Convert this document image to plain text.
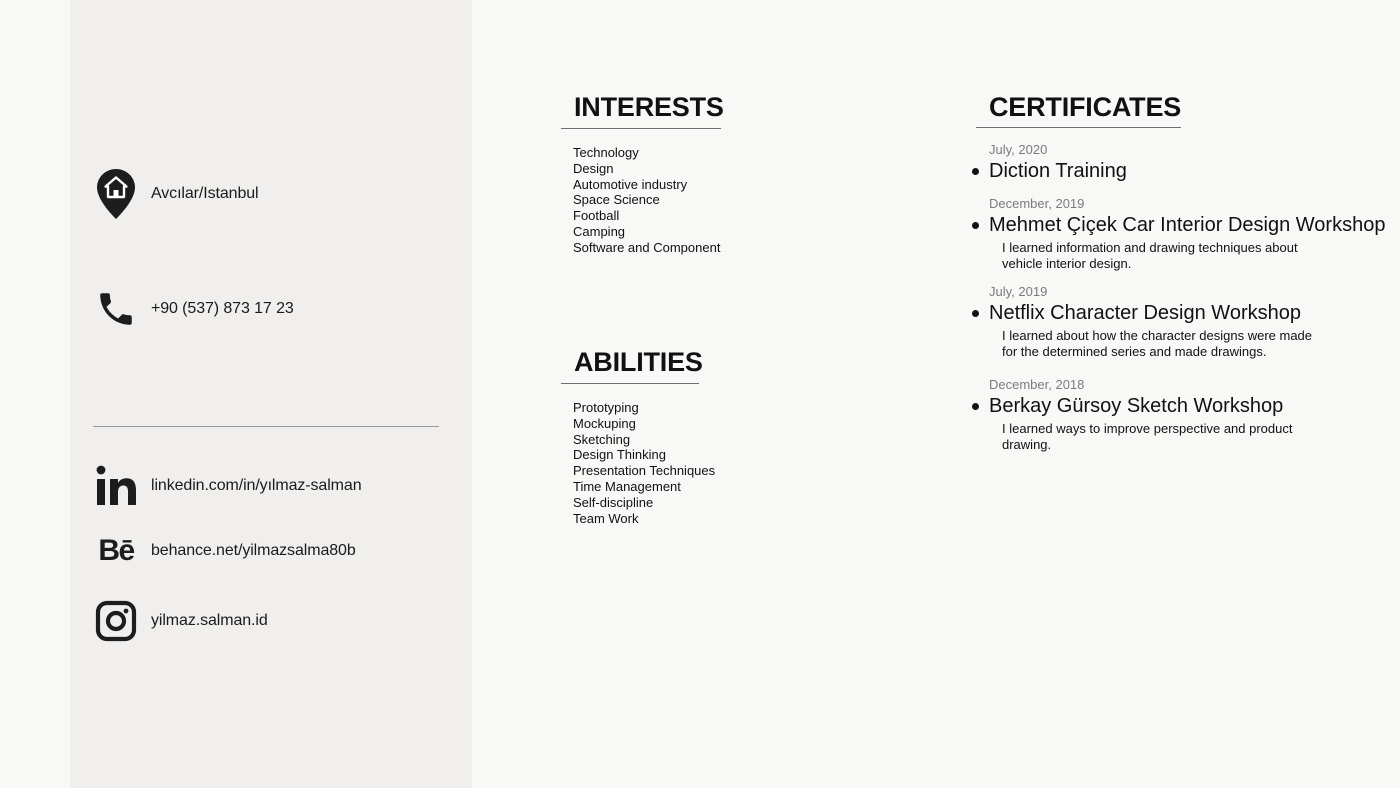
Avcılar/Istanbul
+90 (537) 873 17 23
linkedin.com/in/yılmaz-salman
Bē behance.net/yilmazsalma80b
yilmaz.salman.id
INTERESTS
Technology
Design
Automotive industry
Space Science
Football
Camping
Software and Component
ABILITIES
Prototyping
Mockuping
Sketching
Design Thinking
Presentation Techniques
Time Management
Self-discipline
Team Work
CERTIFICATES
July, 2020
Diction Training
December, 2019
Mehmet Çiçek Car Interior Design Workshop
I learned information and drawing techniques about vehicle interior design.
July, 2019
Netflix Character Design Workshop
I learned about how the character designs were made for the determined series and made drawings.
December, 2018
Berkay Gürsoy Sketch Workshop
I learned ways to improve perspective and product drawing.
